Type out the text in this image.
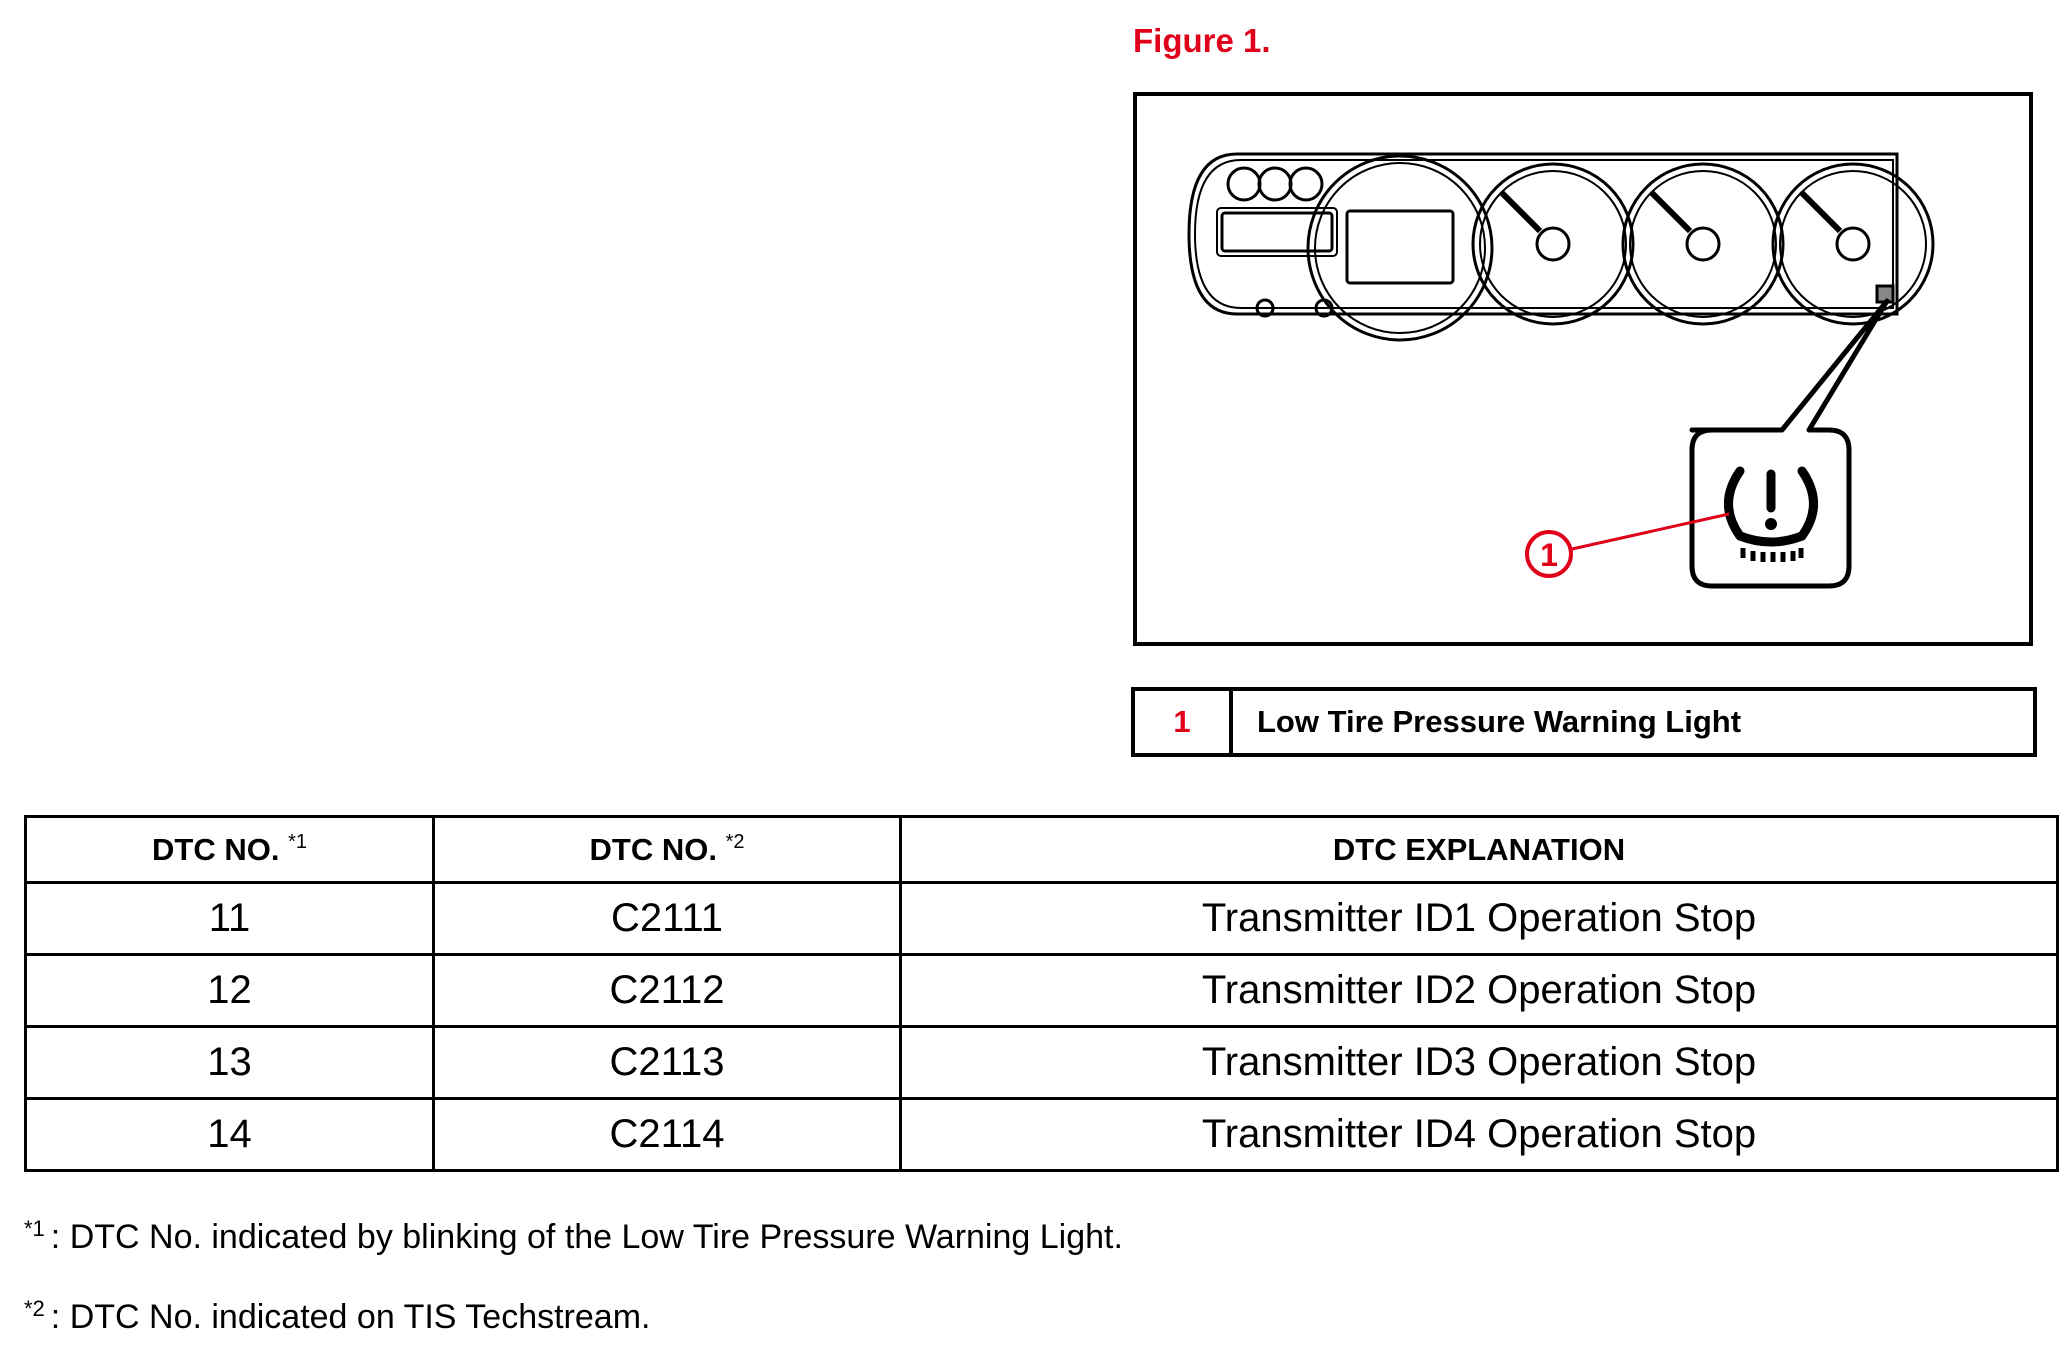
Figure 1.
1
1	Low Tire Pressure Warning Light
DTC NO. $^{*1}$	DTC NO. $^{*2}$	DTC EXPLANATION
11	C2111	Transmitter ID1 Operation Stop
12	C2112	Transmitter ID2 Operation Stop
13	C2113	Transmitter ID3 Operation Stop
14	C2114	Transmitter ID4 Operation Stop
$^{*1}$ : DTC No. indicated by blinking of the Low Tire Pressure Warning Light.
$^{*2}$ : DTC No. indicated on TIS Techstream.
